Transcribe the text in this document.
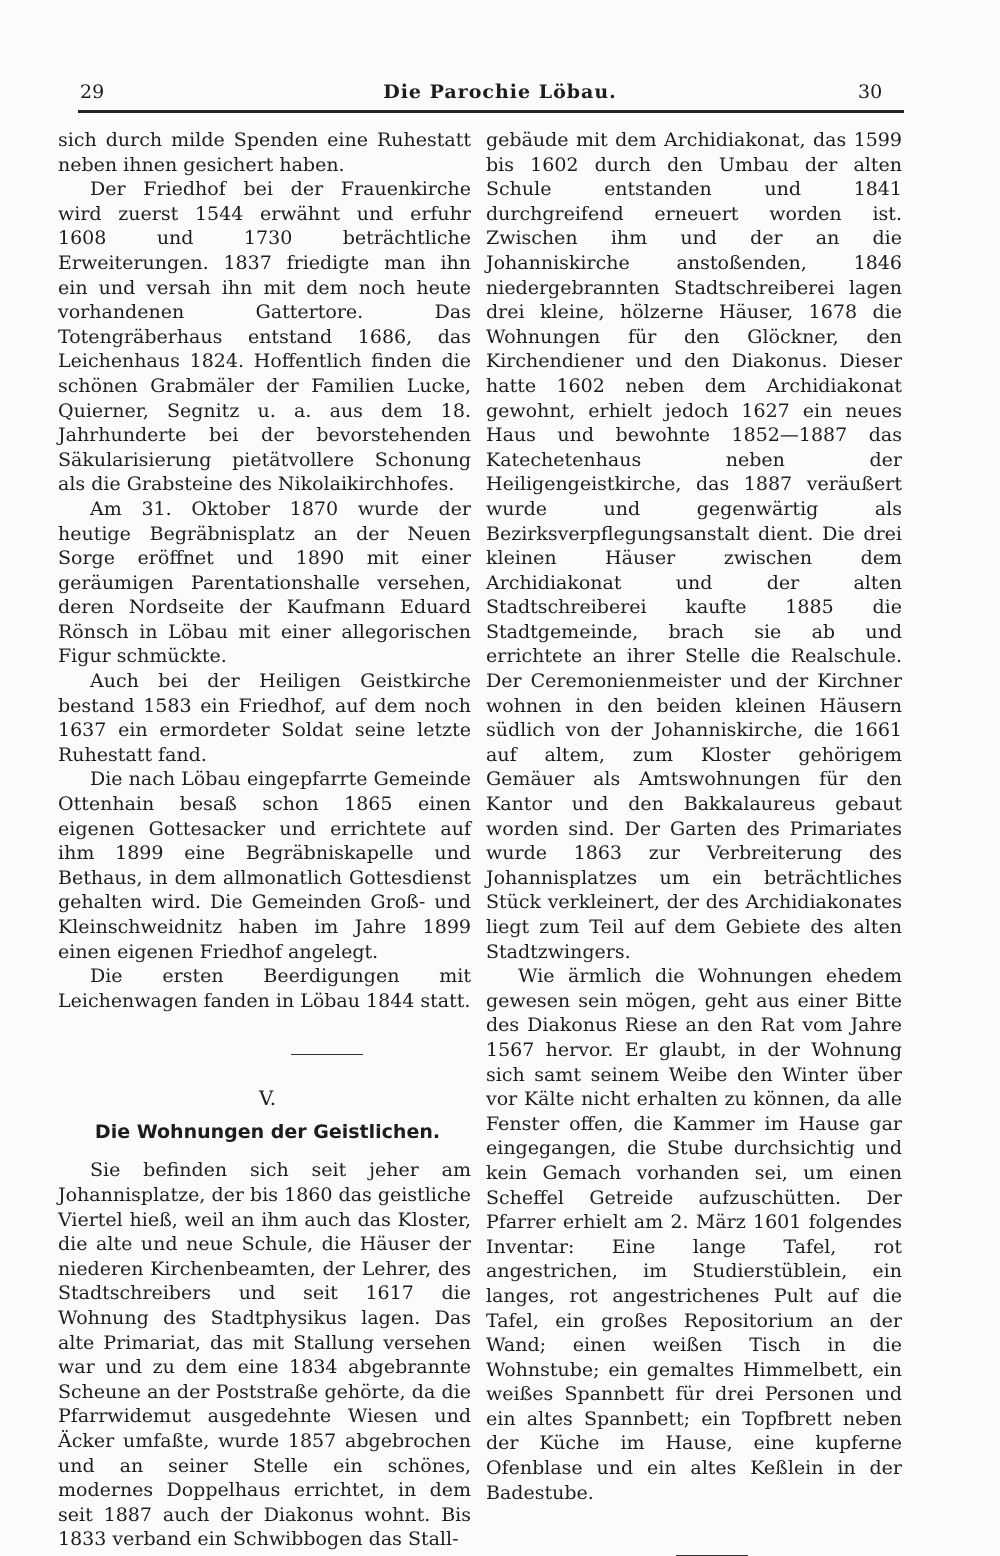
29	Die Parochie Löbau.	30

sich durch milde Spenden eine Ruhestatt neben ihnen gesichert haben.

Der Friedhof bei der Frauenkirche wird zuerst 1544 erwähnt und erfuhr 1608 und 1730 beträchtliche Erweiterungen. 1837 friedigte man ihn ein und versah ihn mit dem noch heute vorhandenen Gattertore. Das Totengräberhaus entstand 1686, das Leichenhaus 1824. Hoffentlich finden die schönen Grabmäler der Familien Lucke, Quierner, Segnitz u. a. aus dem 18. Jahrhunderte bei der bevorstehenden Säkularisierung pietätvollere Schonung als die Grabsteine des Nikolaikirchhofes.

Am 31. Oktober 1870 wurde der heutige Begräbnisplatz an der Neuen Sorge eröffnet und 1890 mit einer geräumigen Parentationshalle versehen, deren Nordseite der Kaufmann Eduard Rönsch in Löbau mit einer allegorischen Figur schmückte.

Auch bei der Heiligen Geistkirche bestand 1583 ein Friedhof, auf dem noch 1637 ein ermordeter Soldat seine letzte Ruhestatt fand.

Die nach Löbau eingepfarrte Gemeinde Ottenhain besaß schon 1865 einen eigenen Gottesacker und errichtete auf ihm 1899 eine Begräbniskapelle und Bethaus, in dem allmonatlich Gottesdienst gehalten wird. Die Gemeinden Groß- und Kleinschweidnitz haben im Jahre 1899 einen eigenen Friedhof angelegt.

Die ersten Beerdigungen mit Leichenwagen fanden in Löbau 1844 statt.

V.
Die Wohnungen der Geistlichen.

Sie befinden sich seit jeher am Johannisplatze, der bis 1860 das geistliche Viertel hieß, weil an ihm auch das Kloster, die alte und neue Schule, die Häuser der niederen Kirchenbeamten, der Lehrer, des Stadtschreibers und seit 1617 die Wohnung des Stadtphysikus lagen. Das alte Primariat, das mit Stallung versehen war und zu dem eine 1834 abgebrannte Scheune an der Poststraße gehörte, da die Pfarrwidemut ausgedehnte Wiesen und Äcker umfaßte, wurde 1857 abgebrochen und an seiner Stelle ein schönes, modernes Doppelhaus errichtet, in dem seit 1887 auch der Diakonus wohnt. Bis 1833 verband ein Schwibbogen das Stall-

gebäude mit dem Archidiakonat, das 1599 bis 1602 durch den Umbau der alten Schule entstanden und 1841 durchgreifend erneuert worden ist. Zwischen ihm und der an die Johanniskirche anstoßenden, 1846 niedergebrannten Stadtschreiberei lagen drei kleine, hölzerne Häuser, 1678 die Wohnungen für den Glöckner, den Kirchendiener und den Diakonus. Dieser hatte 1602 neben dem Archidiakonat gewohnt, erhielt jedoch 1627 ein neues Haus und bewohnte 1852—1887 das Katechetenhaus neben der Heiligengeistkirche, das 1887 veräußert wurde und gegenwärtig als Bezirksverpflegungsanstalt dient. Die drei kleinen Häuser zwischen dem Archidiakonat und der alten Stadtschreiberei kaufte 1885 die Stadtgemeinde, brach sie ab und errichtete an ihrer Stelle die Realschule. Der Ceremonienmeister und der Kirchner wohnen in den beiden kleinen Häusern südlich von der Johanniskirche, die 1661 auf altem, zum Kloster gehörigem Gemäuer als Amtswohnungen für den Kantor und den Bakkalaureus gebaut worden sind. Der Garten des Primariates wurde 1863 zur Verbreiterung des Johannisplatzes um ein beträchtliches Stück verkleinert, der des Archidiakonates liegt zum Teil auf dem Gebiete des alten Stadtzwingers.

Wie ärmlich die Wohnungen ehedem gewesen sein mögen, geht aus einer Bitte des Diakonus Riese an den Rat vom Jahre 1567 hervor. Er glaubt, in der Wohnung sich samt seinem Weibe den Winter über vor Kälte nicht erhalten zu können, da alle Fenster offen, die Kammer im Hause gar eingegangen, die Stube durchsichtig und kein Gemach vorhanden sei, um einen Scheffel Getreide aufzuschütten. Der Pfarrer erhielt am 2. März 1601 folgendes Inventar: Eine lange Tafel, rot angestrichen, im Studierstüblein, ein langes, rot angestrichenes Pult auf die Tafel, ein großes Repositorium an der Wand; einen weißen Tisch in die Wohnstube; ein gemaltes Himmelbett, ein weißes Spannbett für drei Personen und ein altes Spannbett; ein Topfbrett neben der Küche im Hause, eine kupferne Ofenblase und ein altes Keßlein in der Badestube.
